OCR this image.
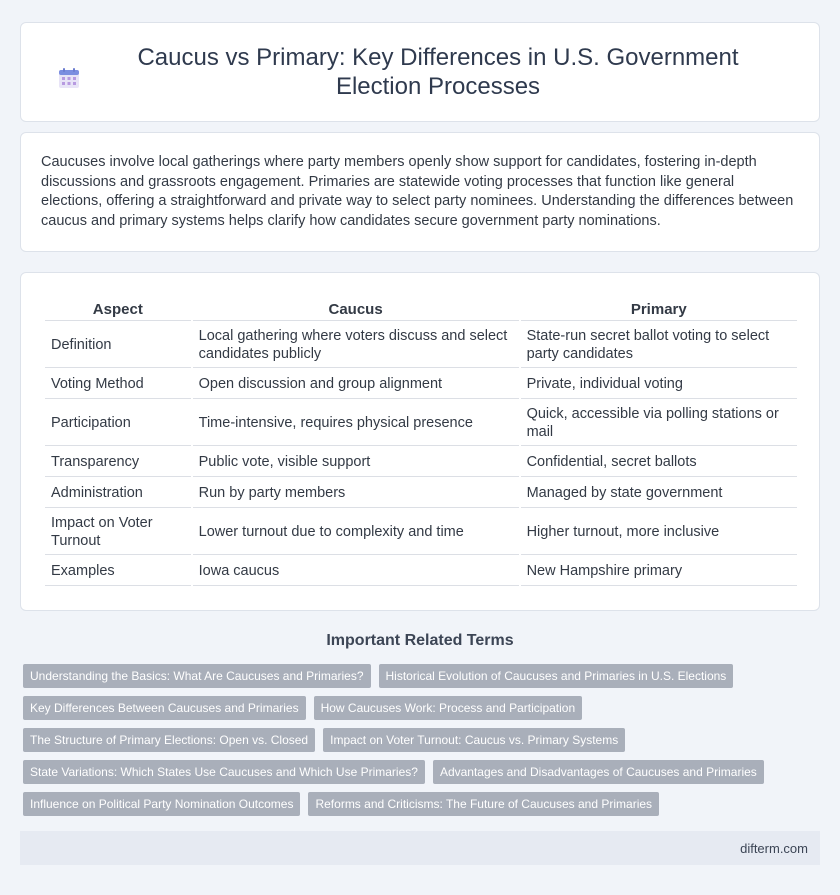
Caucus vs Primary: Key Differences in U.S. Government Election Processes

Caucuses involve local gatherings where party members openly show support for candidates, fostering in-depth discussions and grassroots engagement. Primaries are statewide voting processes that function like general elections, offering a straightforward and private way to select party nominees. Understanding the differences between caucus and primary systems helps clarify how candidates secure government party nominations.

Aspect	Caucus	Primary
Definition	Local gathering where voters discuss and select candidates publicly	State-run secret ballot voting to select party candidates
Voting Method	Open discussion and group alignment	Private, individual voting
Participation	Time-intensive, requires physical presence	Quick, accessible via polling stations or mail
Transparency	Public vote, visible support	Confidential, secret ballots
Administration	Run by party members	Managed by state government
Impact on Voter Turnout	Lower turnout due to complexity and time	Higher turnout, more inclusive
Examples	Iowa caucus	New Hampshire primary
Important Related Terms
Understanding the Basics: What Are Caucuses and Primaries?	Historical Evolution of Caucuses and Primaries in U.S. Elections
Key Differences Between Caucuses and Primaries	How Caucuses Work: Process and Participation
The Structure of Primary Elections: Open vs. Closed	Impact on Voter Turnout: Caucus vs. Primary Systems
State Variations: Which States Use Caucuses and Which Use Primaries?	Advantages and Disadvantages of Caucuses and Primaries
Influence on Political Party Nomination Outcomes	Reforms and Criticisms: The Future of Caucuses and Primaries
difterm.com
